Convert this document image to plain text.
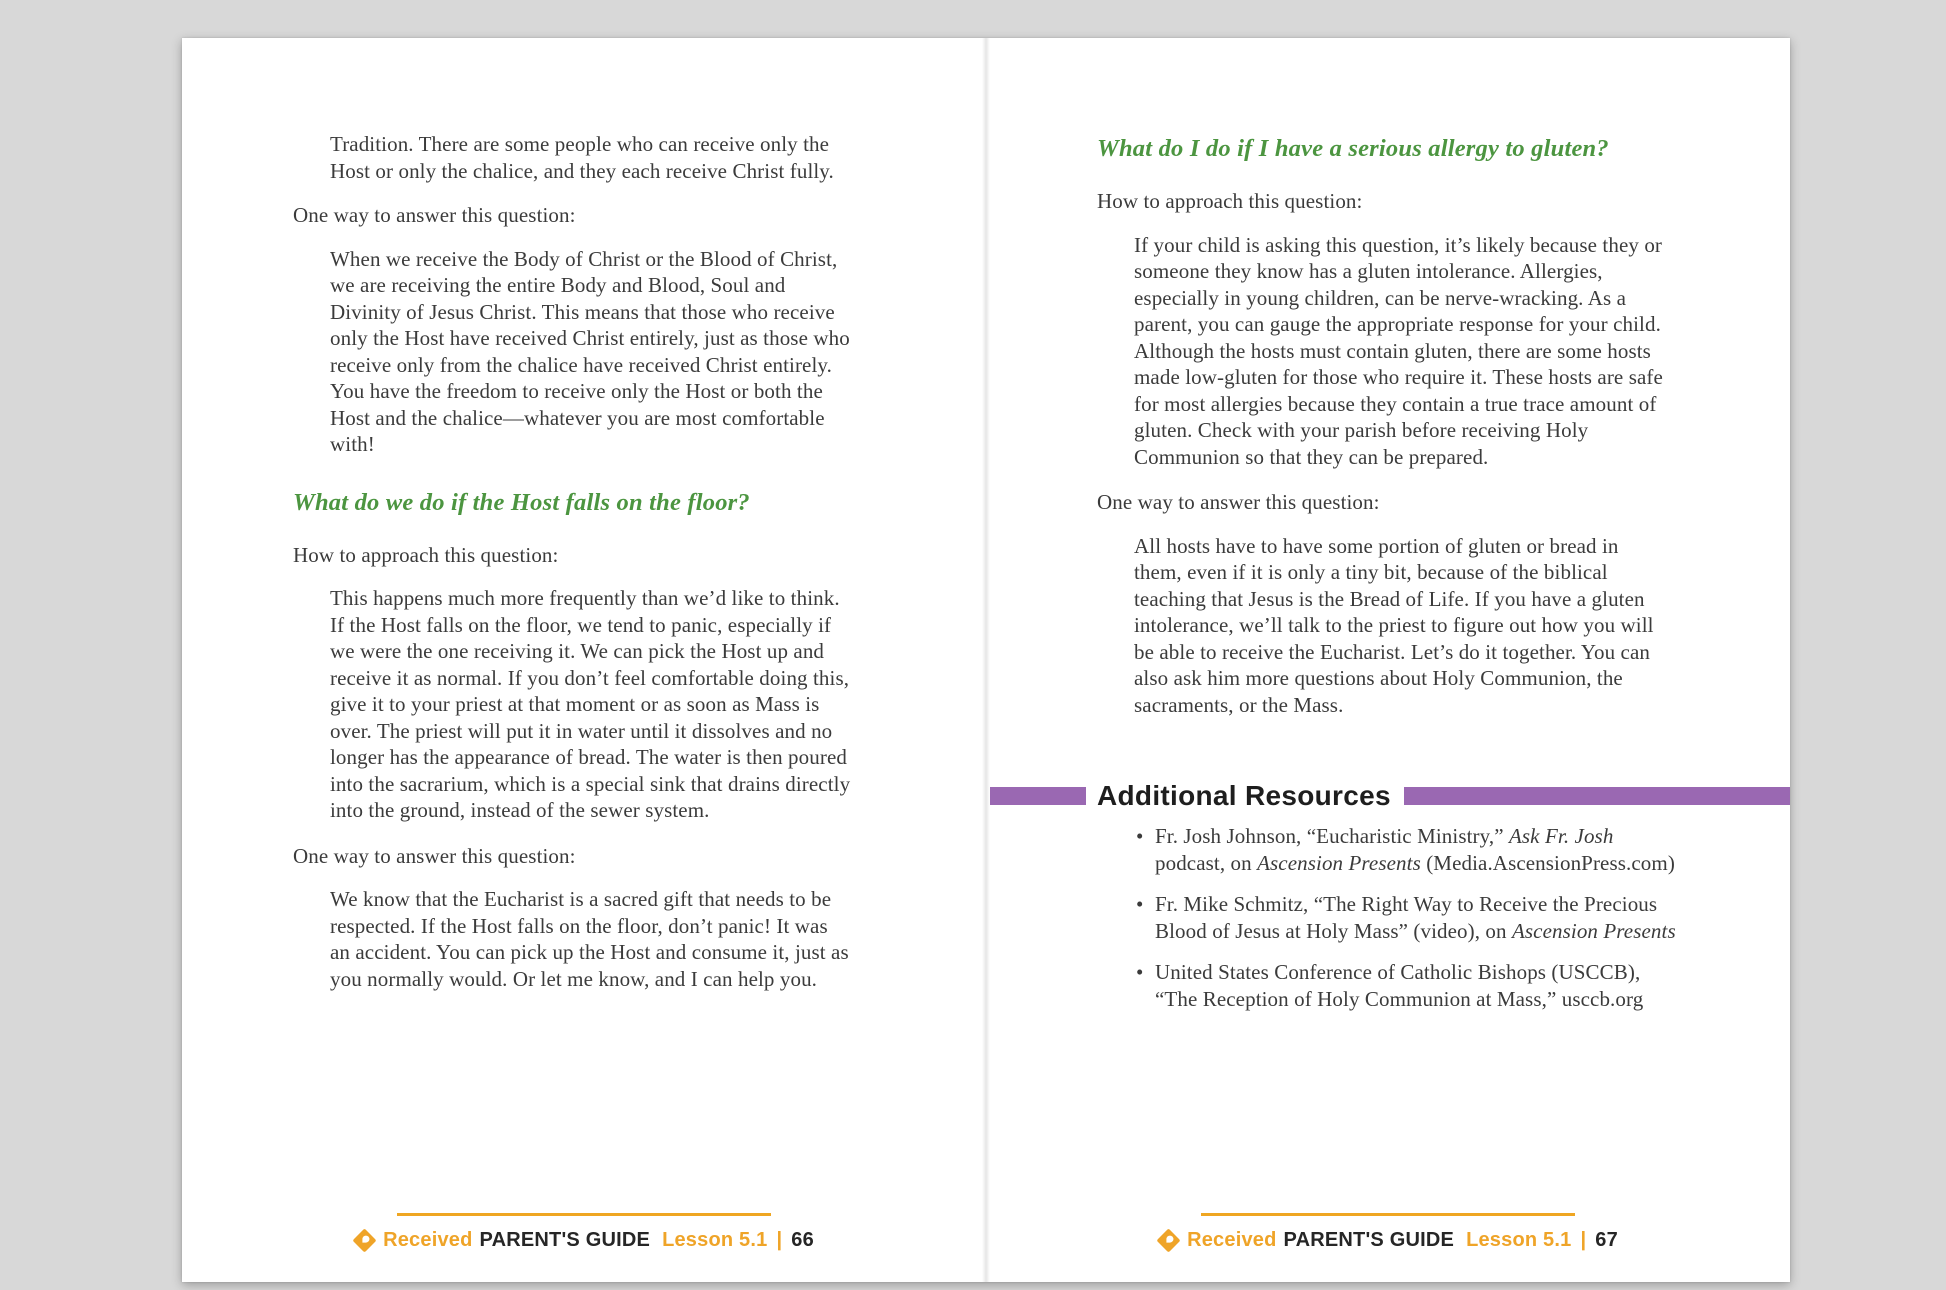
Tradition. There are some people who can receive only the Host or only the chalice, and they each receive Christ fully.

One way to answer this question:

When we receive the Body of Christ or the Blood of Christ, we are receiving the entire Body and Blood, Soul and Divinity of Jesus Christ. This means that those who receive only the Host have received Christ entirely, just as those who receive only from the chalice have received Christ entirely. You have the freedom to receive only the Host or both the Host and the chalice—whatever you are most comfortable with!

What do we do if the Host falls on the floor?

How to approach this question:

This happens much more frequently than we’d like to think. If the Host falls on the floor, we tend to panic, especially if we were the one receiving it. We can pick the Host up and receive it as normal. If you don’t feel comfortable doing this, give it to your priest at that moment or as soon as Mass is over. The priest will put it in water until it dissolves and no longer has the appearance of bread. The water is then poured into the sacrarium, which is a special sink that drains directly into the ground, instead of the sewer system.

One way to answer this question:

We know that the Eucharist is a sacred gift that needs to be respected. If the Host falls on the floor, don’t panic! It was an accident. You can pick up the Host and consume it, just as you normally would. Or let me know, and I can help you.

Received PARENT'S GUIDE Lesson 5.1 | 66
What do I do if I have a serious allergy to gluten?

How to approach this question:

If your child is asking this question, it’s likely because they or someone they know has a gluten intolerance. Allergies, especially in young children, can be nerve-wracking. As a parent, you can gauge the appropriate response for your child. Although the hosts must contain gluten, there are some hosts made low-gluten for those who require it. These hosts are safe for most allergies because they contain a true trace amount of gluten. Check with your parish before receiving Holy Communion so that they can be prepared.

One way to answer this question:

All hosts have to have some portion of gluten or bread in them, even if it is only a tiny bit, because of the biblical teaching that Jesus is the Bread of Life. If you have a gluten intolerance, we’ll talk to the priest to figure out how you will be able to receive the Eucharist. Let’s do it together. You can also ask him more questions about Holy Communion, the sacraments, or the Mass.

Additional Resources
• Fr. Josh Johnson, “Eucharistic Ministry,” Ask Fr. Josh podcast, on Ascension Presents (Media.AscensionPress.com)
• Fr. Mike Schmitz, “The Right Way to Receive the Precious Blood of Jesus at Holy Mass” (video), on Ascension Presents
• United States Conference of Catholic Bishops (USCCB), “The Reception of Holy Communion at Mass,” usccb.org
Received PARENT'S GUIDE Lesson 5.1 | 67
